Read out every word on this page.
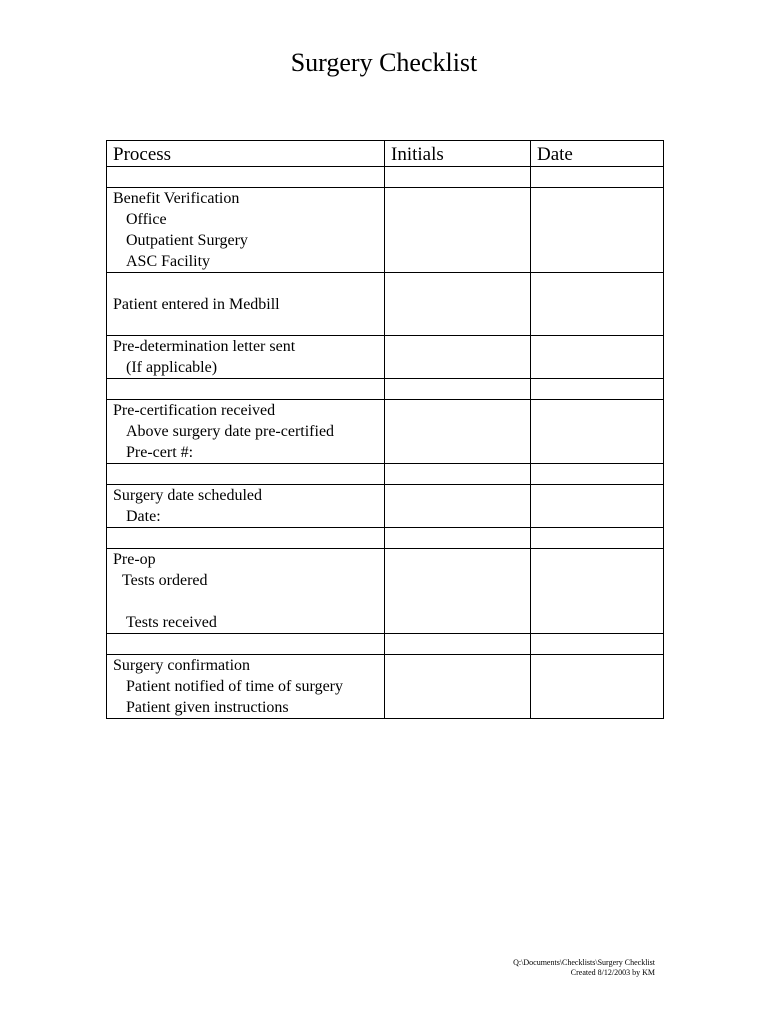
Surgery Checklist
Process	Initials	Date

Benefit Verification
Office
Outpatient Surgery
ASC Facility		

Patient entered in Medbill		

Pre-determination letter sent
(If applicable)		

Pre-certification received
Above surgery date pre-certified
Pre-cert #:		

Surgery date scheduled
Date:		

Pre-op
Tests ordered
Tests received		

Surgery confirmation
Patient notified of time of surgery
Patient given instructions		

Q:\Documents\Checklists\Surgery Checklist
Created 8/12/2003 by KM
